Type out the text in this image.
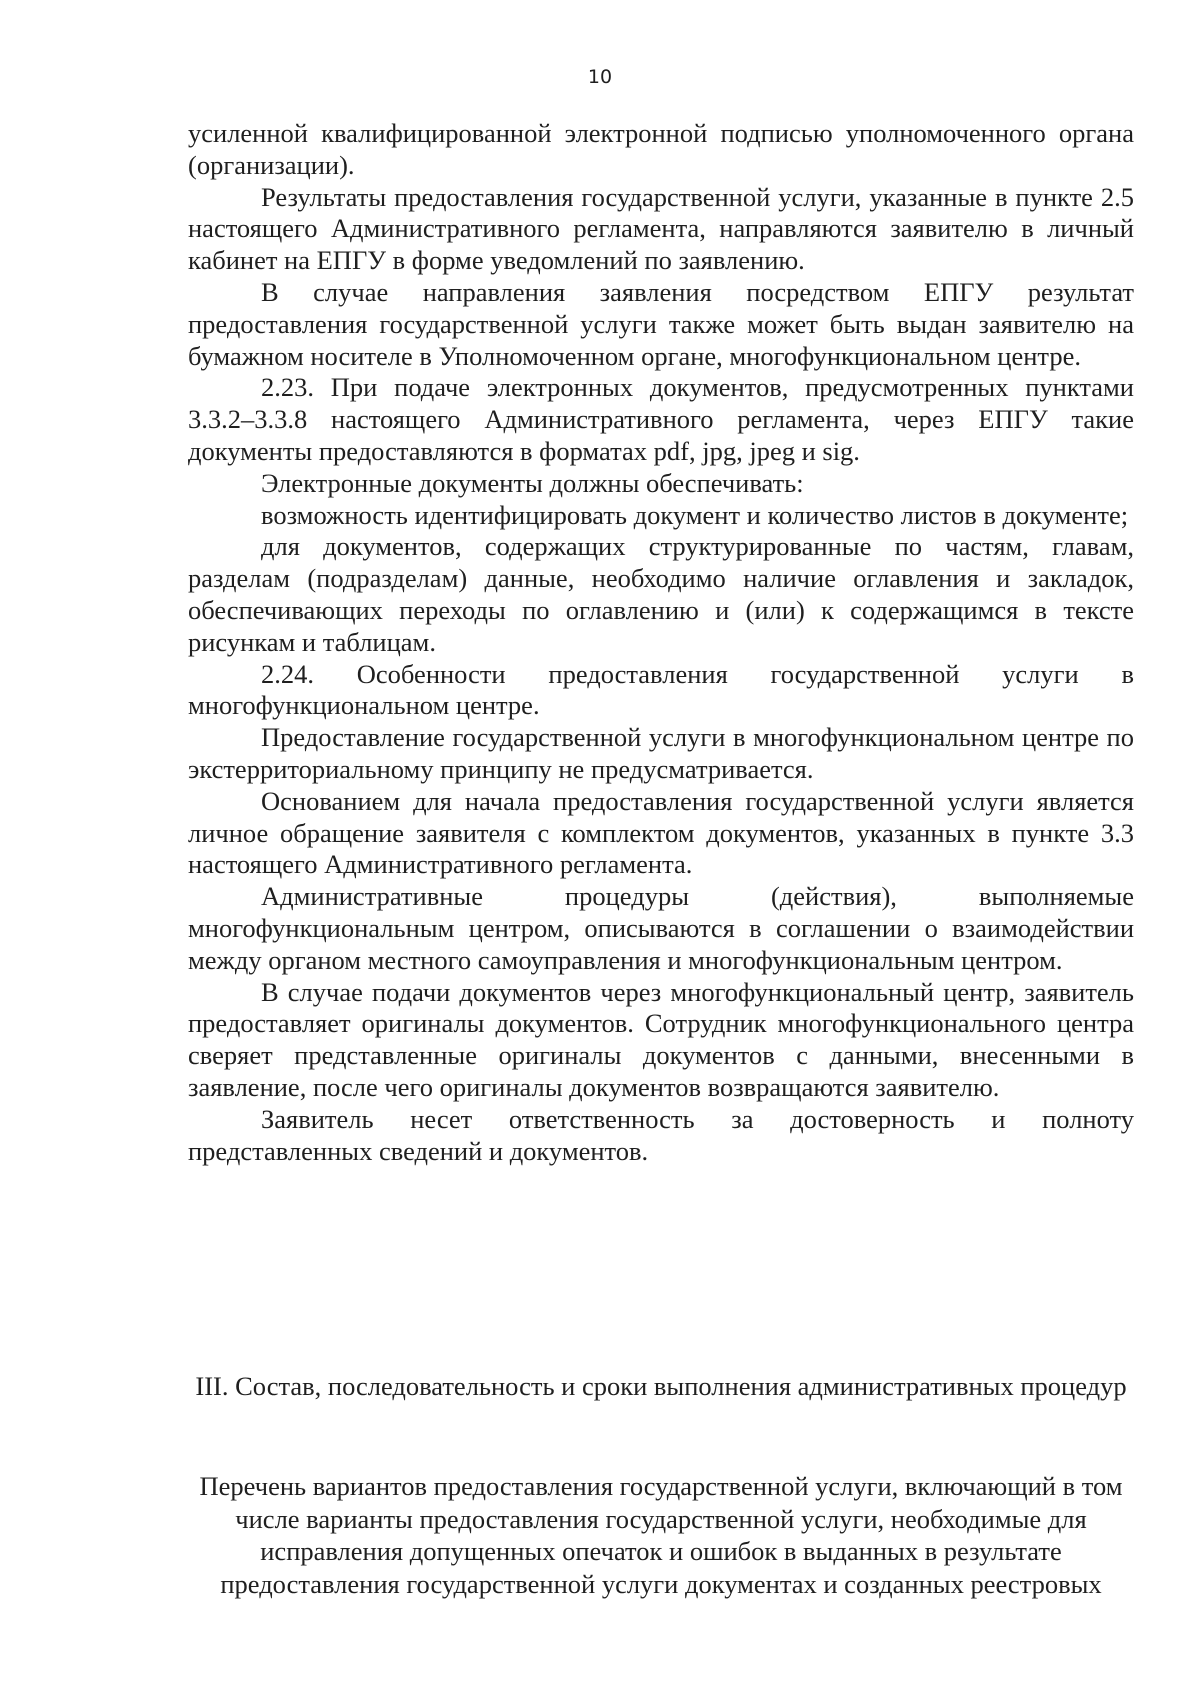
10

усиленной квалифицированной электронной подписью уполномоченного органа (организации).

Результаты предоставления государственной услуги, указанные в пункте 2.5 настоящего Административного регламента, направляются заявителю в личный кабинет на ЕПГУ в форме уведомлений по заявлению.

В случае направления заявления посредством ЕПГУ результат предоставления государственной услуги также может быть выдан заявителю на бумажном носителе в Уполномоченном органе, многофункциональном центре.

2.23. При подаче электронных документов, предусмотренных пунктами 3.3.2–3.3.8 настоящего Административного регламента, через ЕПГУ такие документы предоставляются в форматах pdf, jpg, jpeg и sig.

Электронные документы должны обеспечивать:

возможность идентифицировать документ и количество листов в документе;

для документов, содержащих структурированные по частям, главам, разделам (подразделам) данные, необходимо наличие оглавления и закладок, обеспечивающих переходы по оглавлению и (или) к содержащимся в тексте рисункам и таблицам.

2.24. Особенности предоставления государственной услуги в многофункциональном центре.

Предоставление государственной услуги в многофункциональном центре по экстерриториальному принципу не предусматривается.

Основанием для начала предоставления государственной услуги является личное обращение заявителя с комплектом документов, указанных в пункте 3.3 настоящего Административного регламента.

Административные процедуры (действия), выполняемые многофункциональным центром, описываются в соглашении о взаимодействии между органом местного самоуправления и многофункциональным центром.

В случае подачи документов через многофункциональный центр, заявитель предоставляет оригиналы документов. Сотрудник многофункционального центра сверяет представленные оригиналы документов с данными, внесенными в заявление, после чего оригиналы документов возвращаются заявителю.

Заявитель несет ответственность за достоверность и полноту представленных сведений и документов.

III. Состав, последовательность и сроки выполнения административных процедур
Перечень вариантов предоставления государственной услуги, включающий в том числе варианты предоставления государственной услуги, необходимые для исправления допущенных опечаток и ошибок в выданных в результате предоставления государственной услуги документах и созданных реестровых
